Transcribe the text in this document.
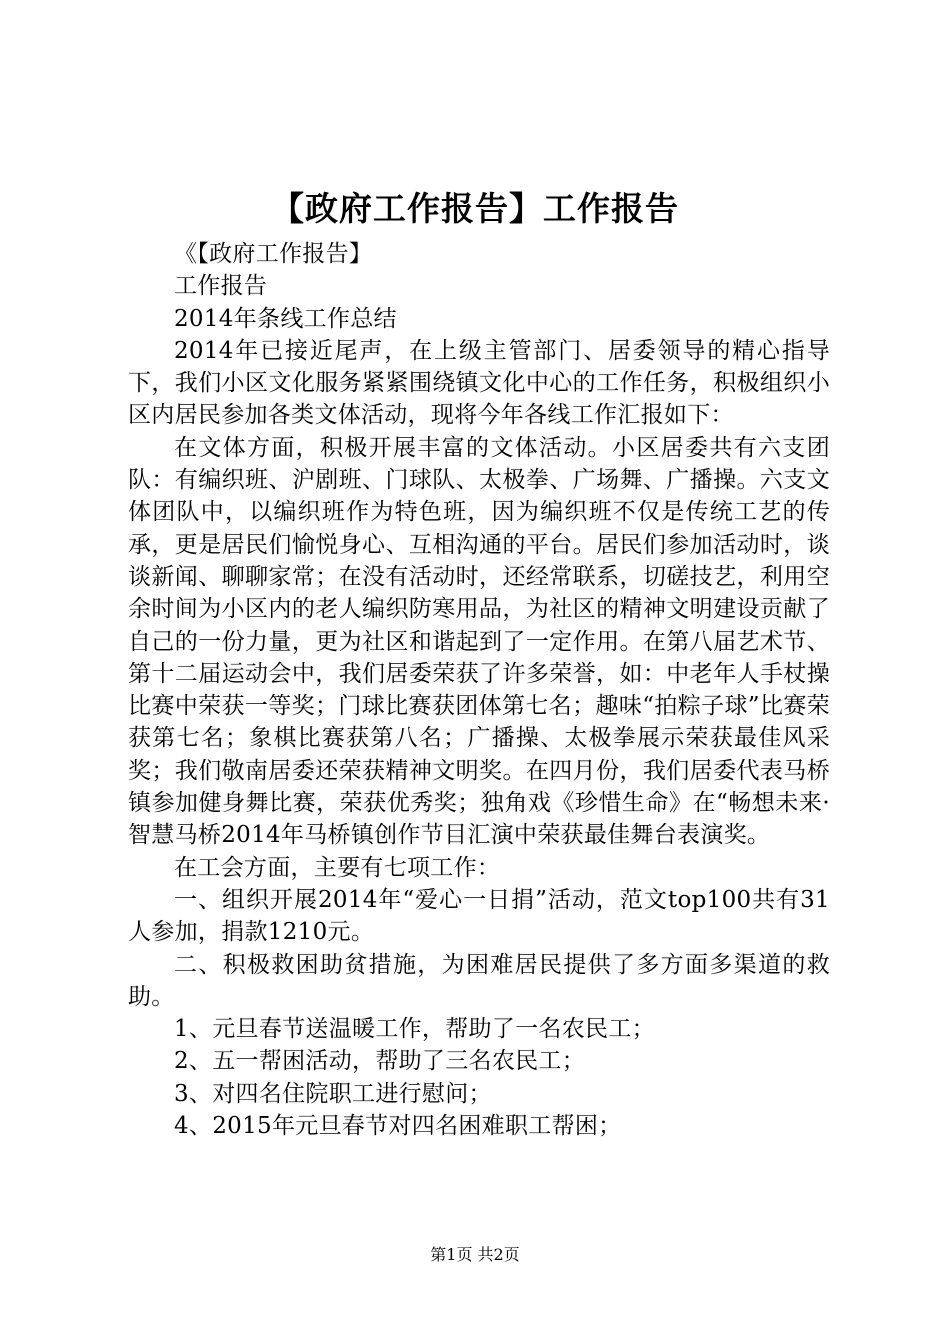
【政府工作报告】工作报告

《【政府工作报告】

工作报告

2014年条线工作总结

2014年已接近尾声，在上级主管部门、居委领导的精心指导下，我们小区文化服务紧紧围绕镇文化中心的工作任务，积极组织小区内居民参加各类文体活动，现将今年各线工作汇报如下：

在文体方面，积极开展丰富的文体活动。小区居委共有六支团队：有编织班、沪剧班、门球队、太极拳、广场舞、广播操。六支文体团队中，以编织班作为特色班，因为编织班不仅是传统工艺的传承，更是居民们愉悦身心、互相沟通的平台。居民们参加活动时，谈谈新闻、聊聊家常；在没有活动时，还经常联系，切磋技艺，利用空余时间为小区内的老人编织防寒用品，为社区的精神文明建设贡献了自己的一份力量，更为社区和谐起到了一定作用。在第八届艺术节、第十二届运动会中，我们居委荣获了许多荣誉，如：中老年人手杖操比赛中荣获一等奖；门球比赛获团体第七名；趣味“拍粽子球”比赛荣获第七名；象棋比赛获第八名；广播操、太极拳展示荣获最佳风采奖；我们敬南居委还荣获精神文明奖。在四月份，我们居委代表马桥镇参加健身舞比赛，荣获优秀奖；独角戏《珍惜生命》在“畅想未来·智慧马桥2014年马桥镇创作节目汇演中荣获最佳舞台表演奖。

在工会方面，主要有七项工作：

一、组织开展2014年“爱心一日捐”活动，范文top100共有31人参加，捐款1210元。

二、积极救困助贫措施，为困难居民提供了多方面多渠道的救助。

1、元旦春节送温暖工作，帮助了一名农民工；

2、五一帮困活动，帮助了三名农民工；

3、对四名住院职工进行慰问；

4、2015年元旦春节对四名困难职工帮困；

第1页 共2页
